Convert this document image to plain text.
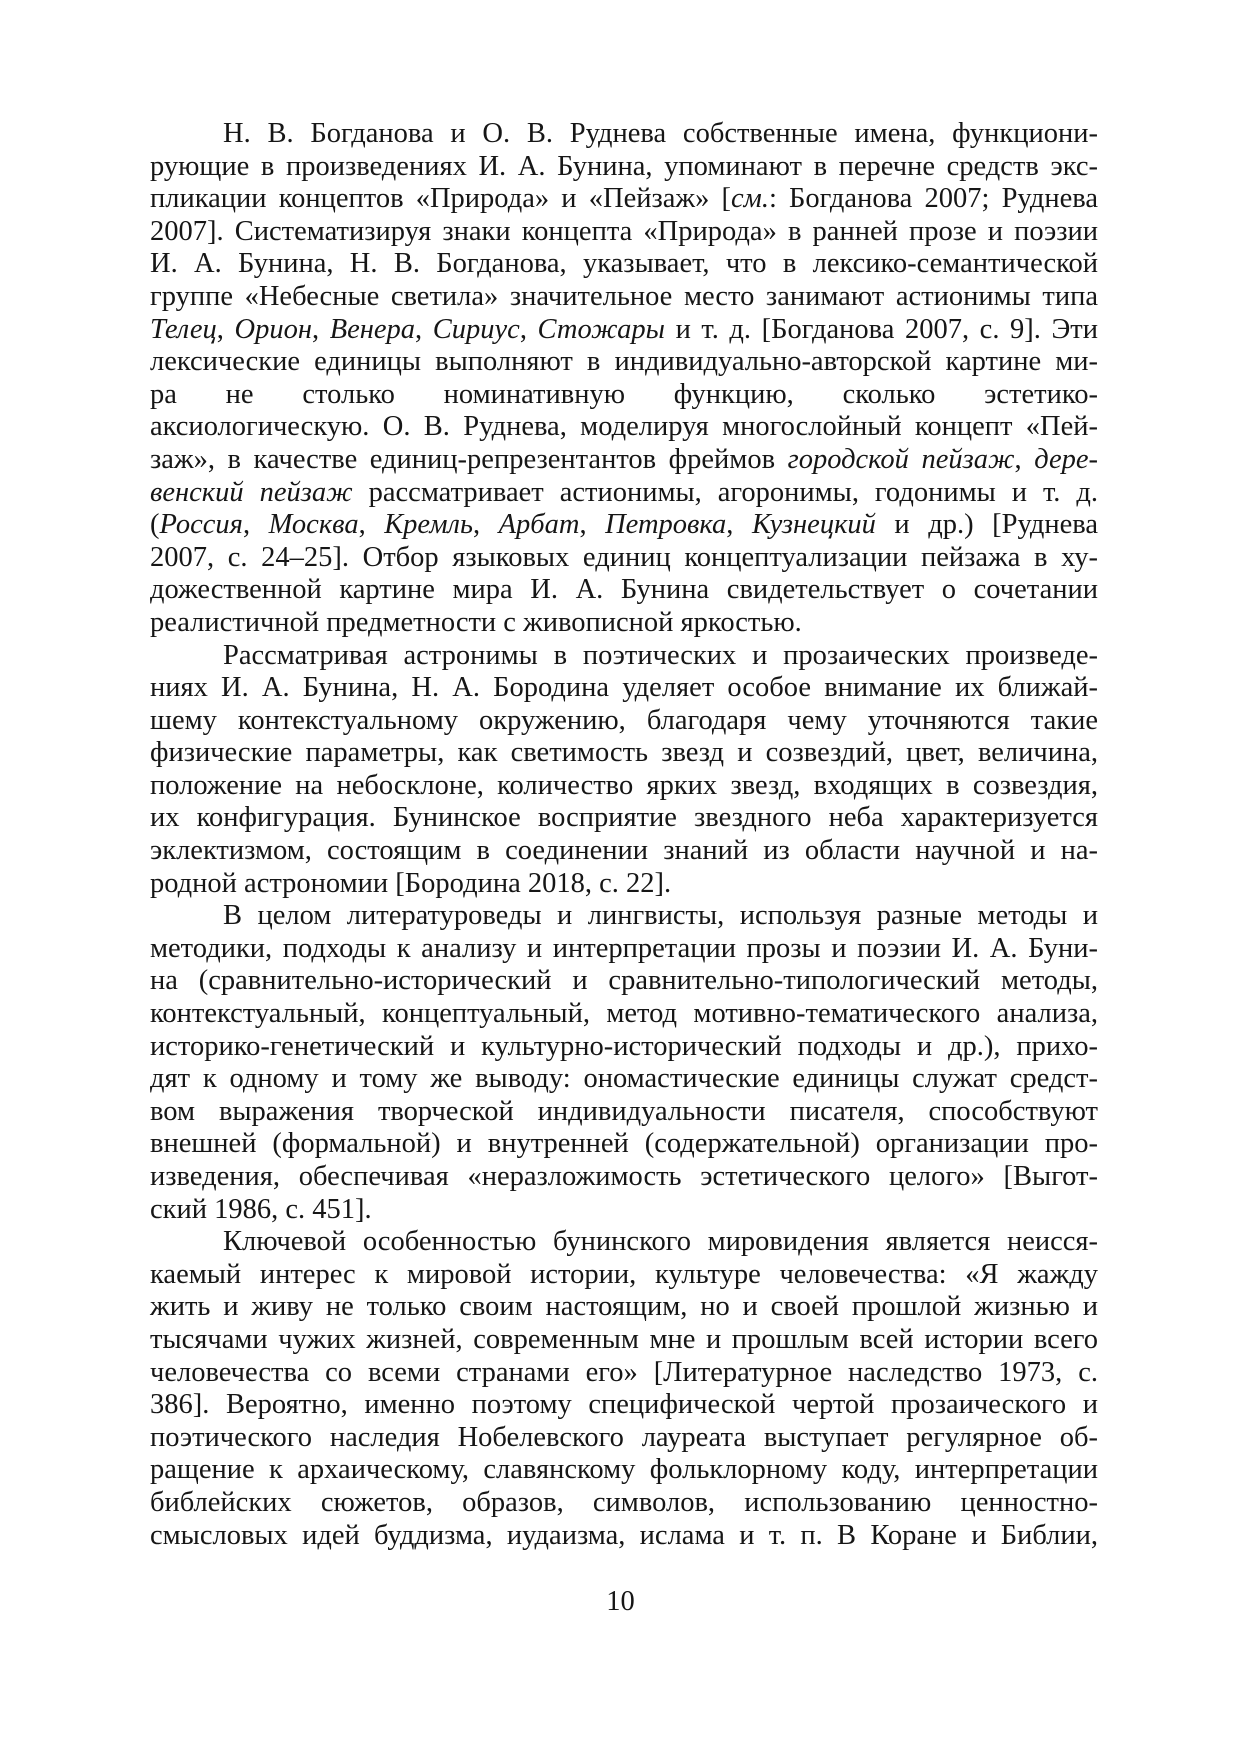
Н. В. Богданова и О. В. Руднева собственные имена, функциони-
рующие в произведениях И. А. Бунина, упоминают в перечне средств экс-
пликации концептов «Природа» и «Пейзаж» [см.: Богданова 2007; Руднева
2007]. Систематизируя знаки концепта «Природа» в ранней прозе и поэзии
И. А. Бунина, Н. В. Богданова, указывает, что в лексико-семантической
группе «Небесные светила» значительное место занимают астионимы типа
Телец, Орион, Венера, Сириус, Стожары и т. д. [Богданова 2007, с. 9]. Эти
лексические единицы выполняют в индивидуально-авторской картине ми-
ра не столько номинативную функцию, сколько эстетико-
аксиологическую. О. В. Руднева, моделируя многослойный концепт «Пей-
заж», в качестве единиц-репрезентантов фреймов городской пейзаж, дере-
венский пейзаж рассматривает астионимы, агоронимы, годонимы и т. д.
(Россия, Москва, Кремль, Арбат, Петровка, Кузнецкий и др.) [Руднева
2007, с. 24–25]. Отбор языковых единиц концептуализации пейзажа в ху-
дожественной картине мира И. А. Бунина свидетельствует о сочетании
реалистичной предметности с живописной яркостью.
Рассматривая астронимы в поэтических и прозаических произведе-
ниях И. А. Бунина, Н. А. Бородина уделяет особое внимание их ближай-
шему контекстуальному окружению, благодаря чему уточняются такие
физические параметры, как светимость звезд и созвездий, цвет, величина,
положение на небосклоне, количество ярких звезд, входящих в созвездия,
их конфигурация. Бунинское восприятие звездного неба характеризуется
эклектизмом, состоящим в соединении знаний из области научной и на-
родной астрономии [Бородина 2018, с. 22].
В целом литературоведы и лингвисты, используя разные методы и
методики, подходы к анализу и интерпретации прозы и поэзии И. А. Буни-
на (сравнительно-исторический и сравнительно-типологический методы,
контекстуальный, концептуальный, метод мотивно-тематического анализа,
историко-генетический и культурно-исторический подходы и др.), прихо-
дят к одному и тому же выводу: ономастические единицы служат средст-
вом выражения творческой индивидуальности писателя, способствуют
внешней (формальной) и внутренней (содержательной) организации про-
изведения, обеспечивая «неразложимость эстетического целого» [Выгот-
ский 1986, с. 451].
Ключевой особенностью бунинского мировидения является неисся-
каемый интерес к мировой истории, культуре человечества: «Я жажду
жить и живу не только своим настоящим, но и своей прошлой жизнью и
тысячами чужих жизней, современным мне и прошлым всей истории всего
человечества со всеми странами его» [Литературное наследство 1973, с.
386]. Вероятно, именно поэтому специфической чертой прозаического и
поэтического наследия Нобелевского лауреата выступает регулярное об-
ращение к архаическому, славянскому фольклорному коду, интерпретации
библейских сюжетов, образов, символов, использованию ценностно-
смысловых идей буддизма, иудаизма, ислама и т. п. В Коране и Библии,
10
